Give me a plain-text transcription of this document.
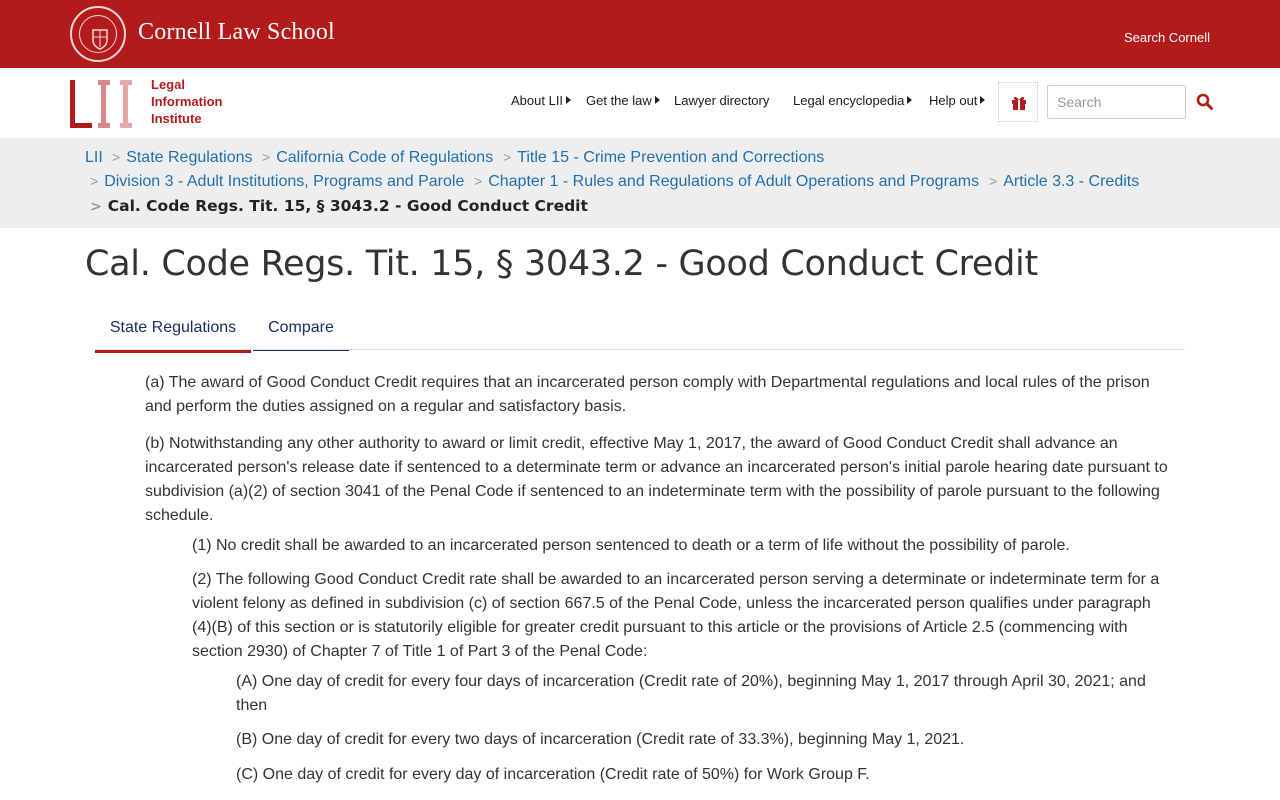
Cornell Law School	Search Cornell
Legal
Information
Institute
About LII	Get the law	Lawyer directory Legal encyclopedia	Help out
Search
LII > State Regulations > California Code of Regulations > Title 15 - Crime Prevention and Corrections
> Division 3 - Adult Institutions, Programs and Parole > Chapter 1 - Rules and Regulations of Adult Operations and Programs > Article 3.3 - Credits
> Cal. Code Regs. Tit. 15, § 3043.2 - Good Conduct Credit
Cal. Code Regs. Tit. 15, § 3043.2 - Good Conduct Credit
State Regulations	Compare
(a) The award of Good Conduct Credit requires that an incarcerated person comply with Departmental regulations and local rules of the prison
and perform the duties assigned on a regular and satisfactory basis.
(b) Notwithstanding any other authority to award or limit credit, effective May 1, 2017, the award of Good Conduct Credit shall advance an
incarcerated person's release date if sentenced to a determinate term or advance an incarcerated person's initial parole hearing date pursuant to
subdivision (a)(2) of section 3041 of the Penal Code if sentenced to an indeterminate term with the possibility of parole pursuant to the following
schedule.
(1) No credit shall be awarded to an incarcerated person sentenced to death or a term of life without the possibility of parole.
(2) The following Good Conduct Credit rate shall be awarded to an incarcerated person serving a determinate or indeterminate term for a
violent felony as defined in subdivision (c) of section 667.5 of the Penal Code, unless the incarcerated person qualifies under paragraph
(4)(B) of this section or is statutorily eligible for greater credit pursuant to this article or the provisions of Article 2.5 (commencing with
section 2930) of Chapter 7 of Title 1 of Part 3 of the Penal Code:
(A) One day of credit for every four days of incarceration (Credit rate of 20%), beginning May 1, 2017 through April 30, 2021; and
then
(B) One day of credit for every two days of incarceration (Credit rate of 33.3%), beginning May 1, 2021.
(C) One day of credit for every day of incarceration (Credit rate of 50%) for Work Group F.
